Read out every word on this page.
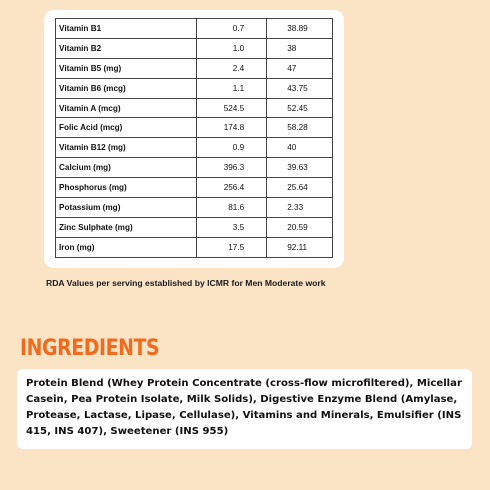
Vitamin B1	0.7	38.89
Vitamin B2	1.0	38
Vitamin B5 (mg)	2.4	47
Vitamin B6 (mcg)	1.1	43.75
Vitamin A (mcg)	524.5	52.45
Folic Acid (mcg)	174.8	58.28
Vitamin B12 (mg)	0.9	40
Calcium (mg)	396.3	39.63
Phosphorus (mg)	256.4	25.64
Potassium (mg)	81.6	2.33
Zinc Sulphate (mg)	3.5	20.59
Iron (mg)	17.5	92.11
RDA Values per serving established by ICMR for Men Moderate work
INGREDIENTS

Protein Blend (Whey Protein Concentrate (cross-flow microfiltered), Micellar Casein, Pea Protein Isolate, Milk Solids), Digestive Enzyme Blend (Amylase, Protease, Lactase, Lipase, Cellulase), Vitamins and Minerals, Emulsifier (INS 415, INS 407), Sweetener (INS 955)
